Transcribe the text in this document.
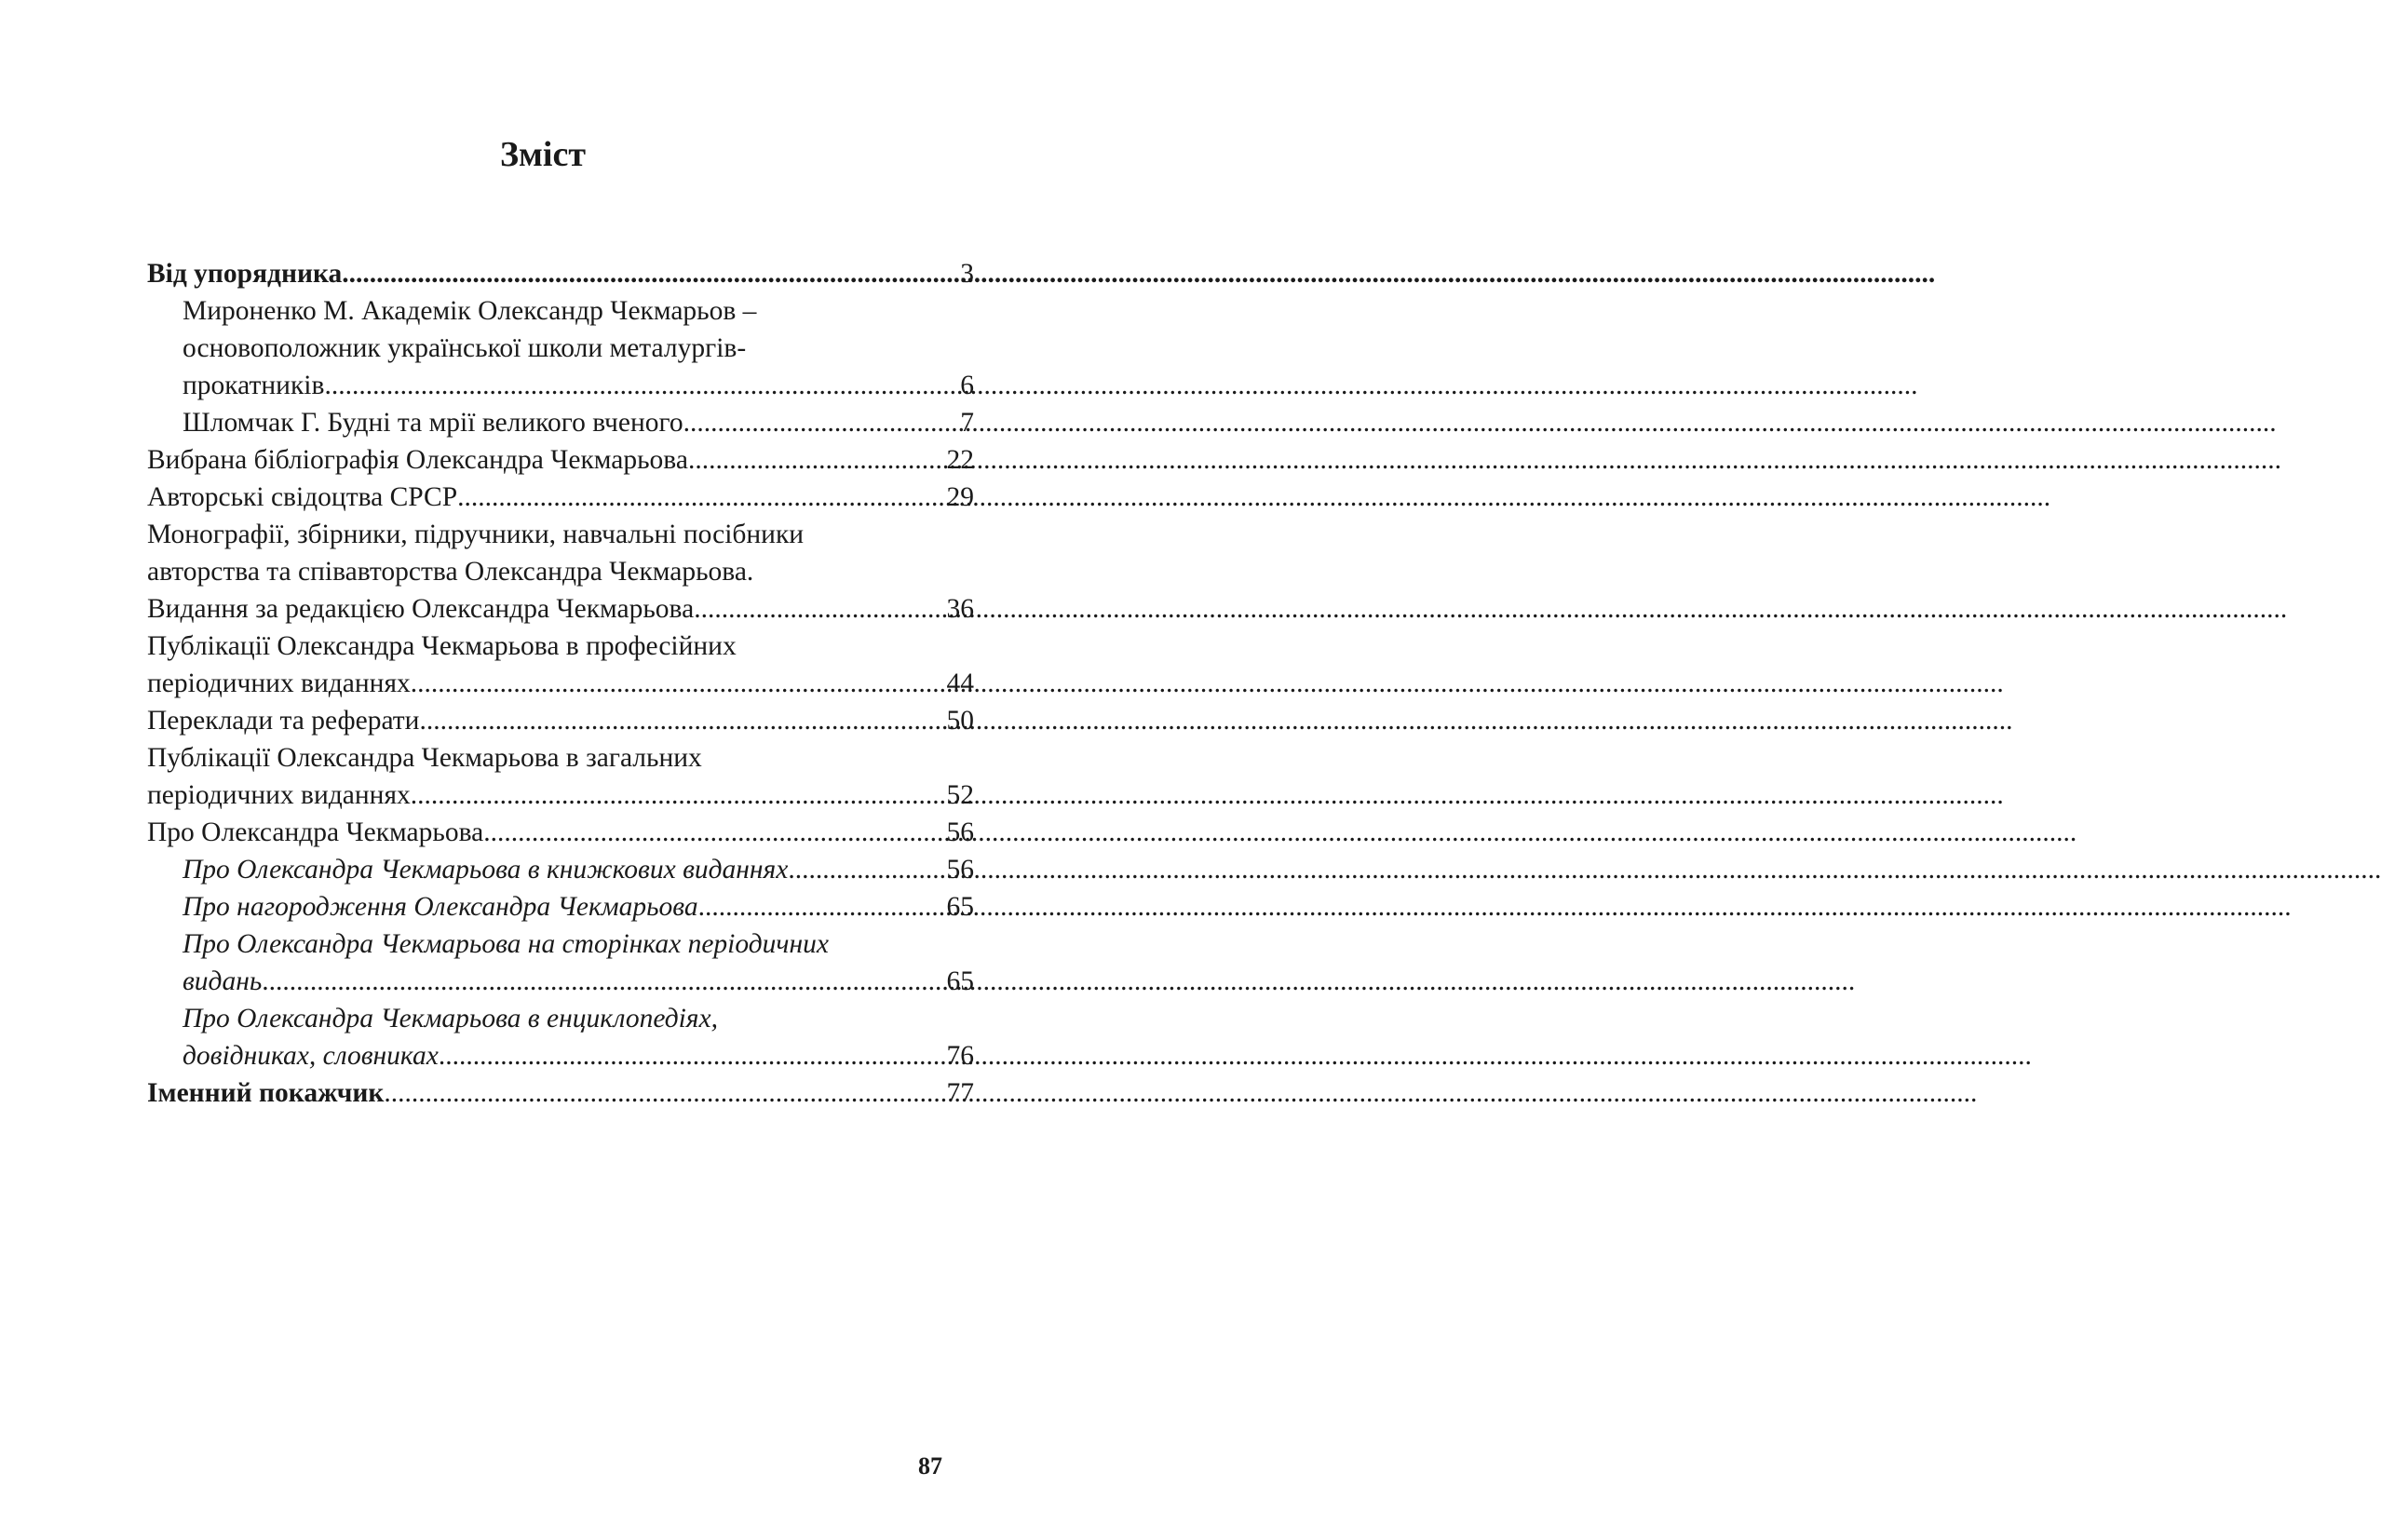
Зміст
Від упорядника .....	3
Мироненко М. Академік Олександр Чекмарьов –
основоположник української школи металургів-
прокатників .....	6
Шломчак Г. Будні та мрії великого вченого .....	7
Вибрана бібліографія Олександра Чекмарьова .....	22
Авторські свідоцтва СРСР .....	29
Монографії, збірники, підручники, навчальні посібники
авторства та співавторства Олександра Чекмарьова.
Видання за редакцією Олександра Чекмарьова .....	36
Публікації Олександра Чекмарьова в професійних
періодичних виданнях .....	44
Переклади та реферати .....	50
Публікації Олександра Чекмарьова в загальних
періодичних виданнях .....	52
Про Олександра Чекмарьова .....	56
Про Олександра Чекмарьова в книжкових виданнях .....	56
Про нагородження Олександра Чекмарьова .....	65
Про Олександра Чекмарьова на сторінках періодичних
видань .....	65
Про Олександра Чекмарьова в енциклопедіях,
довідниках, словниках .....	76
Іменний покажчик .....	77
87
